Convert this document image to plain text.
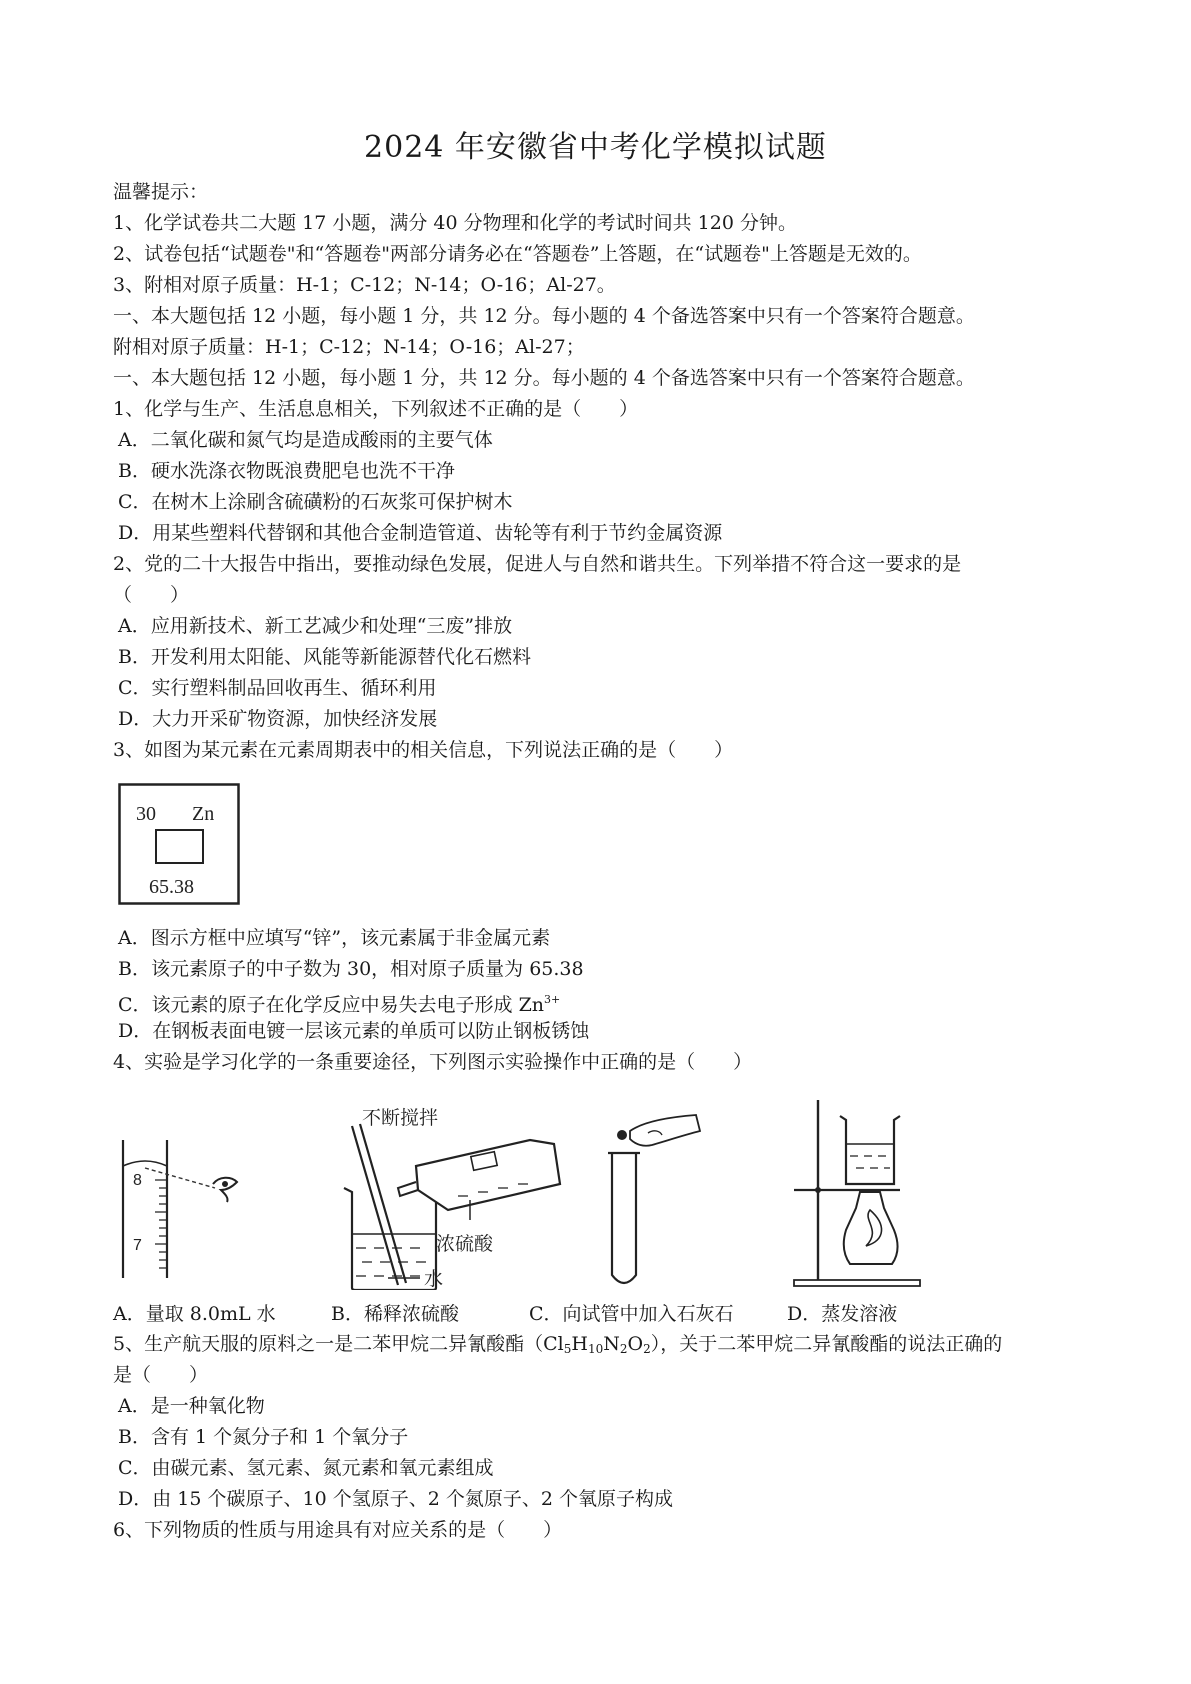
2024 年安徽省中考化学模拟试题
温馨提示：
1、化学试卷共二大题 17 小题，满分 40 分物理和化学的考试时间共 120 分钟。
2、试卷包括“试题卷"和“答题卷"两部分请务必在“答题卷”上答题，在“试题卷"上答题是无效的。
3、附相对原子质量：H-1；C-12；N-14；O-16；Al-27。
一、本大题包括 12 小题，每小题 1 分，共 12 分。每小题的 4 个备选答案中只有一个答案符合题意。
附相对原子质量：H-1；C-12；N-14；O-16；Al-27；
一、本大题包括 12 小题，每小题 1 分，共 12 分。每小题的 4 个备选答案中只有一个答案符合题意。
1、化学与生产、生活息息相关，下列叙述不正确的是（　　）
A．二氧化碳和氮气均是造成酸雨的主要气体
B．硬水洗涤衣物既浪费肥皂也洗不干净
C．在树木上涂刷含硫磺粉的石灰浆可保护树木
D．用某些塑料代替钢和其他合金制造管道、齿轮等有利于节约金属资源
2、党的二十大报告中指出，要推动绿色发展，促进人与自然和谐共生。下列举措不符合这一要求的是
（　　）
A．应用新技术、新工艺减少和处理“三废”排放
B．开发利用太阳能、风能等新能源替代化石燃料
C．实行塑料制品回收再生、循环利用
D．大力开采矿物资源，加快经济发展
3、如图为某元素在元素周期表中的相关信息，下列说法正确的是（　　）
30 Zn
65.38
A．图示方框中应填写“锌”，该元素属于非金属元素
B．该元素原子的中子数为 30，相对原子质量为 65.38
C．该元素的原子在化学反应中易失去电子形成 $Zn^{3+}$
D．在钢板表面电镀一层该元素的单质可以防止钢板锈蚀
4、实验是学习化学的一条重要途径，下列图示实验操作中正确的是（　　）
8
7
不断搅拌
浓硫酸
水
A．量取 8.0mL 水	B．稀释浓硫酸	C．向试管中加入石灰石	D．蒸发溶液
5、生产航天服的原料之一是二苯甲烷二异氰酸酯$(Cl_5H_{10}N_2O_2)$，关于二苯甲烷二异氰酸酯的说法正确的
是（　　）
A．是一种氧化物
B．含有 1 个氮分子和 1 个氧分子
C．由碳元素、氢元素、氮元素和氧元素组成
D．由 15 个碳原子、10 个氢原子、2 个氮原子、2 个氧原子构成
6、下列物质的性质与用途具有对应关系的是（　　）
